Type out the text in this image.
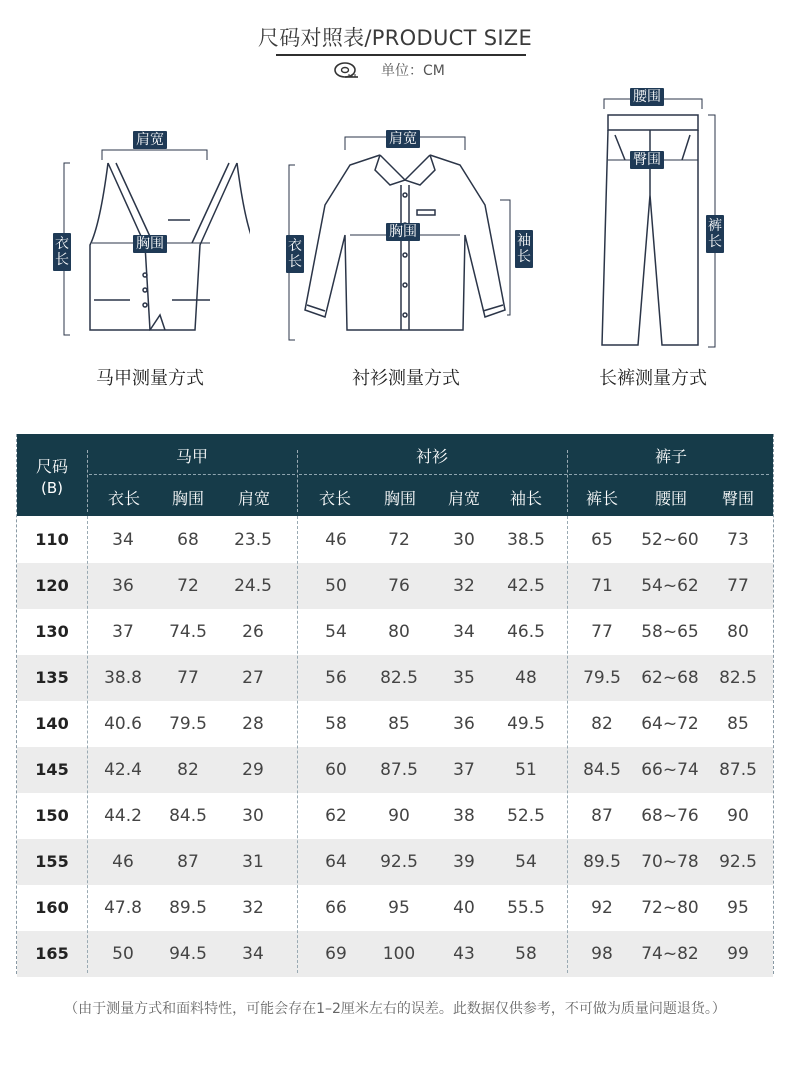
尺码对照表/PRODUCT SIZE
单位：CM
肩宽
胸围
衣长
马甲测量方式
肩宽
胸围
衣长
袖长
衬衫测量方式
腰围
臀围
裤长
长裤测量方式
尺码
(B)
马甲	衬衫	裤子
衣长	胸围	肩宽	衣长	胸围	肩宽	袖长	裤长	腰围	臀围
110	34	68	23.5	46	72	30	38.5	65	52~60	73
120	36	72	24.5	50	76	32	42.5	71	54~62	77
130	37	74.5	26	54	80	34	46.5	77	58~65	80
135	38.8	77	27	56	82.5	35	48	79.5	62~68	82.5
140	40.6	79.5	28	58	85	36	49.5	82	64~72	85
145	42.4	82	29	60	87.5	37	51	84.5	66~74	87.5
150	44.2	84.5	30	62	90	38	52.5	87	68~76	90
155	46	87	31	64	92.5	39	54	89.5	70~78	92.5
160	47.8	89.5	32	66	95	40	55.5	92	72~80	95
165	50	94.5	34	69	100	43	58	98	74~82	99
（由于测量方式和面料特性，可能会存在1–2厘米左右的误差。此数据仅供参考，不可做为质量问题退货。）
